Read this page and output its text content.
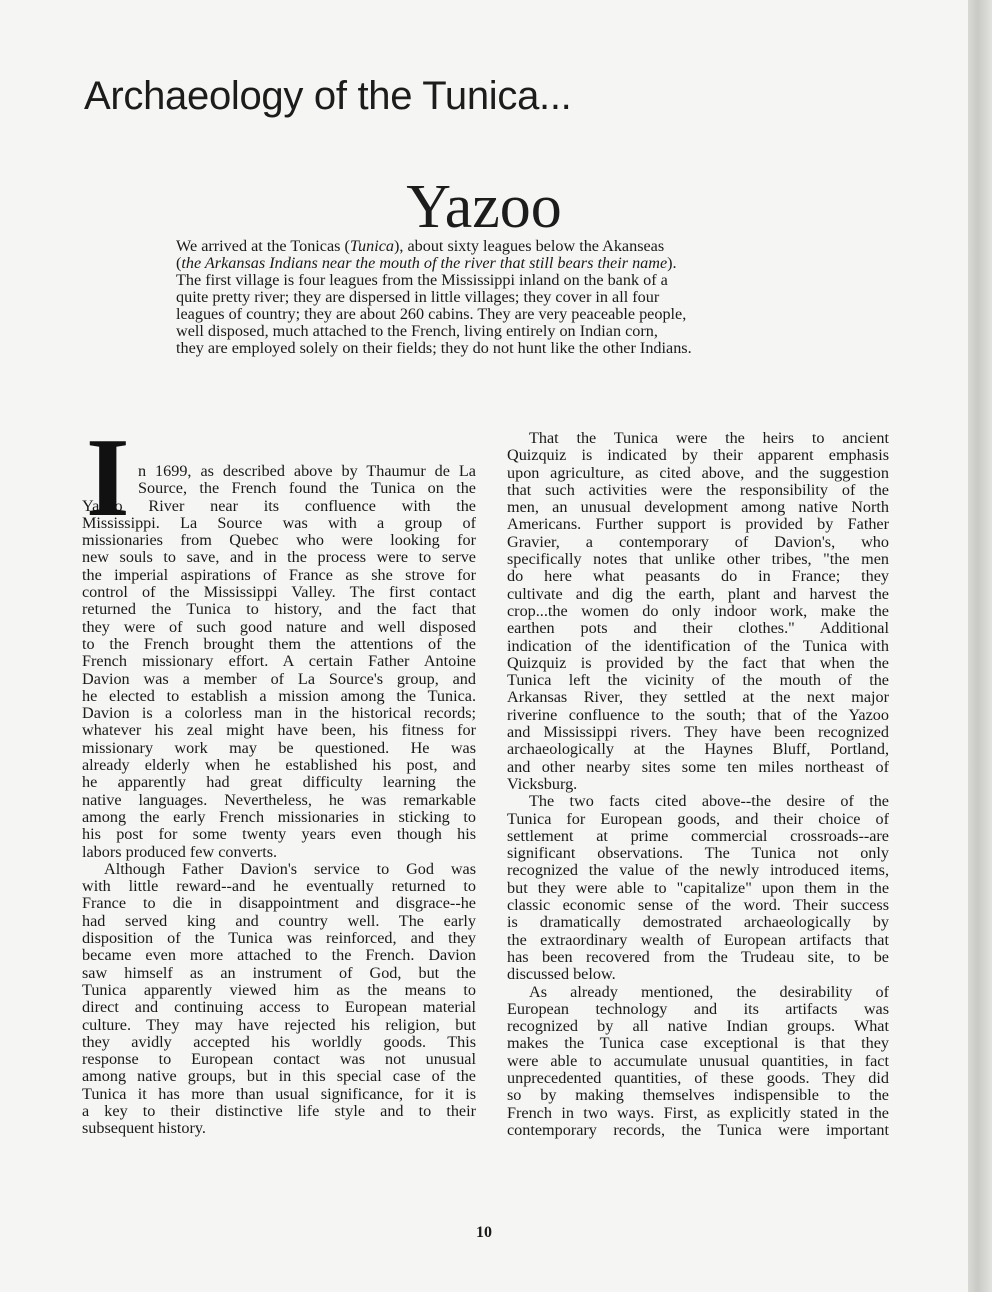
Archaeology of the Tunica...
Yazoo
We arrived at the Tonicas (Tunica), about sixty leagues below the Akanseas
(the Arkansas Indians near the mouth of the river that still bears their name).
The first village is four leagues from the Mississippi inland on the bank of a
quite pretty river; they are dispersed in little villages; they cover in all four
leagues of country; they are about 260 cabins. They are very peaceable people,
well disposed, much attached to the French, living entirely on Indian corn,
they are employed solely on their fields; they do not hunt like the other Indians.
I n 1699, as described above by Thaumur de La
Source, the French found the Tunica on the
Yazoo River near its confluence with the
Mississippi. La Source was with a group of
missionaries from Quebec who were looking for
new souls to save, and in the process were to serve
the imperial aspirations of France as she strove for
control of the Mississippi Valley. The first contact
returned the Tunica to history, and the fact that
they were of such good nature and well disposed
to the French brought them the attentions of the
French missionary effort. A certain Father Antoine
Davion was a member of La Source's group, and
he elected to establish a mission among the Tunica.
Davion is a colorless man in the historical records;
whatever his zeal might have been, his fitness for
missionary work may be questioned. He was
already elderly when he established his post, and
he apparently had great difficulty learning the
native languages. Nevertheless, he was remarkable
among the early French missionaries in sticking to
his post for some twenty years even though his
labors produced few converts.
Although Father Davion's service to God was
with little reward--and he eventually returned to
France to die in disappointment and disgrace--he
had served king and country well. The early
disposition of the Tunica was reinforced, and they
became even more attached to the French. Davion
saw himself as an instrument of God, but the
Tunica apparently viewed him as the means to
direct and continuing access to European material
culture. They may have rejected his religion, but
they avidly accepted his worldly goods. This
response to European contact was not unusual
among native groups, but in this special case of the
Tunica it has more than usual significance, for it is
a key to their distinctive life style and to their
subsequent history.
That the Tunica were the heirs to ancient
Quizquiz is indicated by their apparent emphasis
upon agriculture, as cited above, and the suggestion
that such activities were the responsibility of the
men, an unusual development among native North
Americans. Further support is provided by Father
Gravier, a contemporary of Davion's, who
specifically notes that unlike other tribes, "the men
do here what peasants do in France; they
cultivate and dig the earth, plant and harvest the
crop...the women do only indoor work, make the
earthen pots and their clothes." Additional
indication of the identification of the Tunica with
Quizquiz is provided by the fact that when the
Tunica left the vicinity of the mouth of the
Arkansas River, they settled at the next major
riverine confluence to the south; that of the Yazoo
and Mississippi rivers. They have been recognized
archaeologically at the Haynes Bluff, Portland,
and other nearby sites some ten miles northeast of
Vicksburg.
The two facts cited above--the desire of the
Tunica for European goods, and their choice of
settlement at prime commercial crossroads--are
significant observations. The Tunica not only
recognized the value of the newly introduced items,
but they were able to "capitalize" upon them in the
classic economic sense of the word. Their success
is dramatically demostrated archaeologically by
the extraordinary wealth of European artifacts that
has been recovered from the Trudeau site, to be
discussed below.
As already mentioned, the desirability of
European technology and its artifacts was
recognized by all native Indian groups. What
makes the Tunica case exceptional is that they
were able to accumulate unusual quantities, in fact
unprecedented quantities, of these goods. They did
so by making themselves indispensible to the
French in two ways. First, as explicitly stated in the
contemporary records, the Tunica were important
10
